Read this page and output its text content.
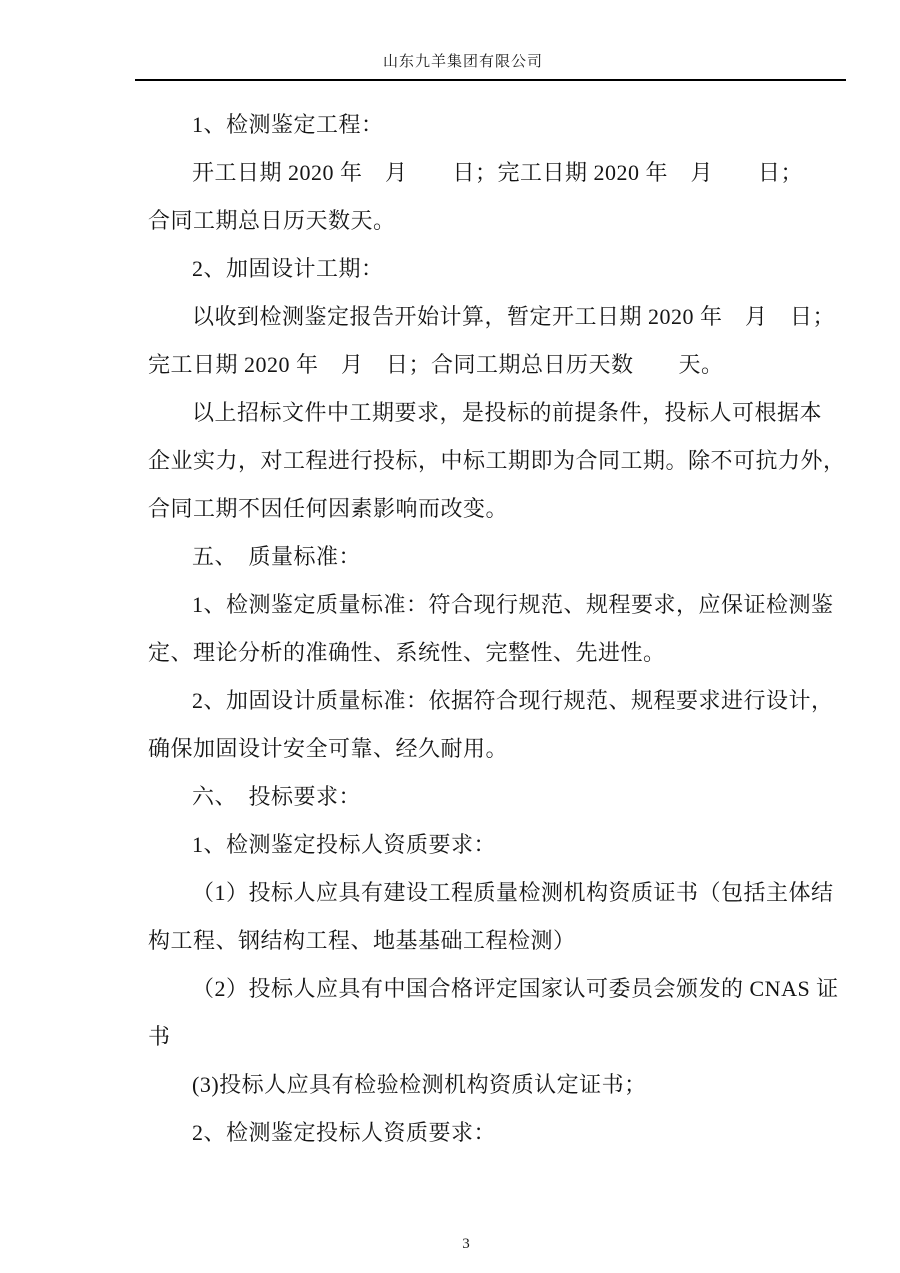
山东九羊集团有限公司
1、检测鉴定工程：
开工日期 2020 年　月　　日；完工日期 2020 年　月　　日；
合同工期总日历天数天。
2、加固设计工期：
以收到检测鉴定报告开始计算，暂定开工日期 2020 年　月　日；
完工日期 2020 年　月　日；合同工期总日历天数　　天。
以上招标文件中工期要求，是投标的前提条件，投标人可根据本
企业实力，对工程进行投标，中标工期即为合同工期。除不可抗力外，
合同工期不因任何因素影响而改变。
五、　质量标准：
1、检测鉴定质量标准：符合现行规范、规程要求，应保证检测鉴
定、理论分析的准确性、系统性、完整性、先进性。
2、加固设计质量标准：依据符合现行规范、规程要求进行设计，
确保加固设计安全可靠、经久耐用。
六、　投标要求：
1、检测鉴定投标人资质要求：
（1）投标人应具有建设工程质量检测机构资质证书（包括主体结
构工程、钢结构工程、地基基础工程检测）
（2）投标人应具有中国合格评定国家认可委员会颁发的 CNAS 证
书
(3)投标人应具有检验检测机构资质认定证书；
2、检测鉴定投标人资质要求：
3
